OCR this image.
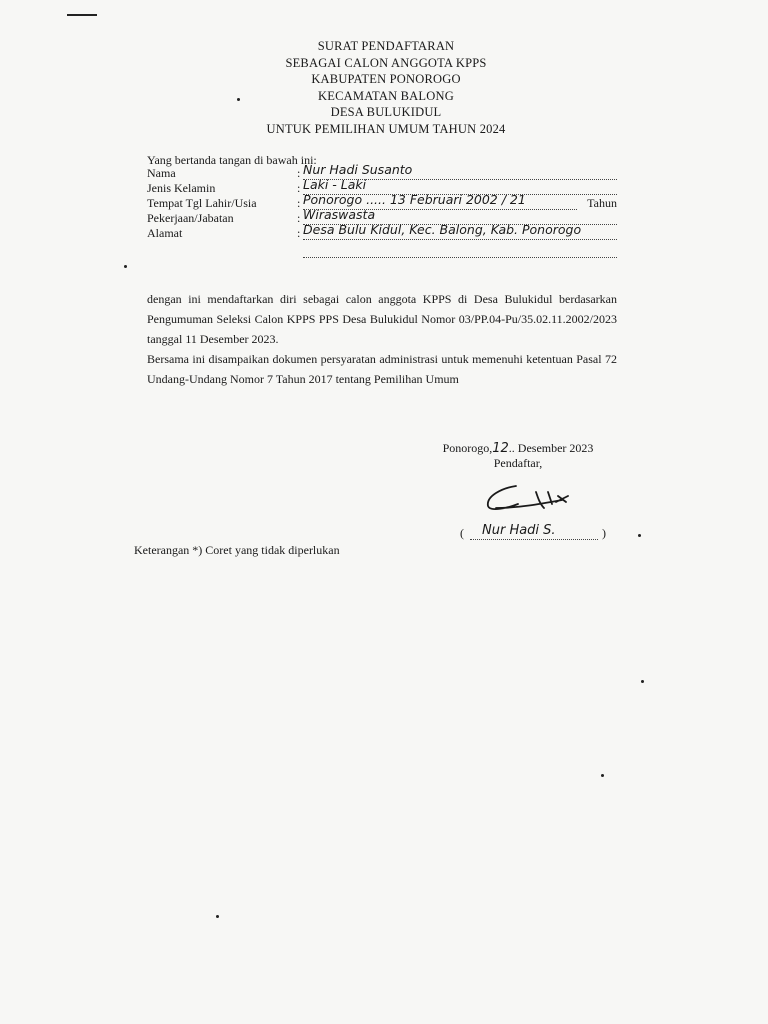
SURAT PENDAFTARAN
SEBAGAI CALON ANGGOTA KPPS
KABUPATEN PONOROGO
KECAMATAN BALONG
DESA BULUKIDUL
UNTUK PEMILIHAN UMUM TAHUN 2024
Yang bertanda tangan di bawah ini:
Nama	: Nur Hadi Susanto
Jenis Kelamin	: Laki - Laki
Tempat Tgl Lahir/Usia	: Ponorogo ..... 13 Februari 2002 / 21	Tahun
Pekerjaan/Jabatan	: Wiraswasta
Alamat	: Desa Bulu Kidul, Kec. Balong, Kab. Ponorogo

dengan ini mendaftarkan diri sebagai calon anggota KPPS di Desa Bulukidul berdasarkan Pengumuman Seleksi Calon KPPS PPS Desa Bulukidul Nomor 03/PP.04-Pu/35.02.11.2002/2023 tanggal 11 Desember 2023.

Bersama ini disampaikan dokumen persyaratan administrasi untuk memenuhi ketentuan Pasal 72 Undang-Undang Nomor 7 Tahun 2017 tentang Pemilihan Umum

Ponorogo,12.. Desember 2023
Pendaftar,
(	Nur Hadi S.	)
Keterangan *) Coret yang tidak diperlukan
